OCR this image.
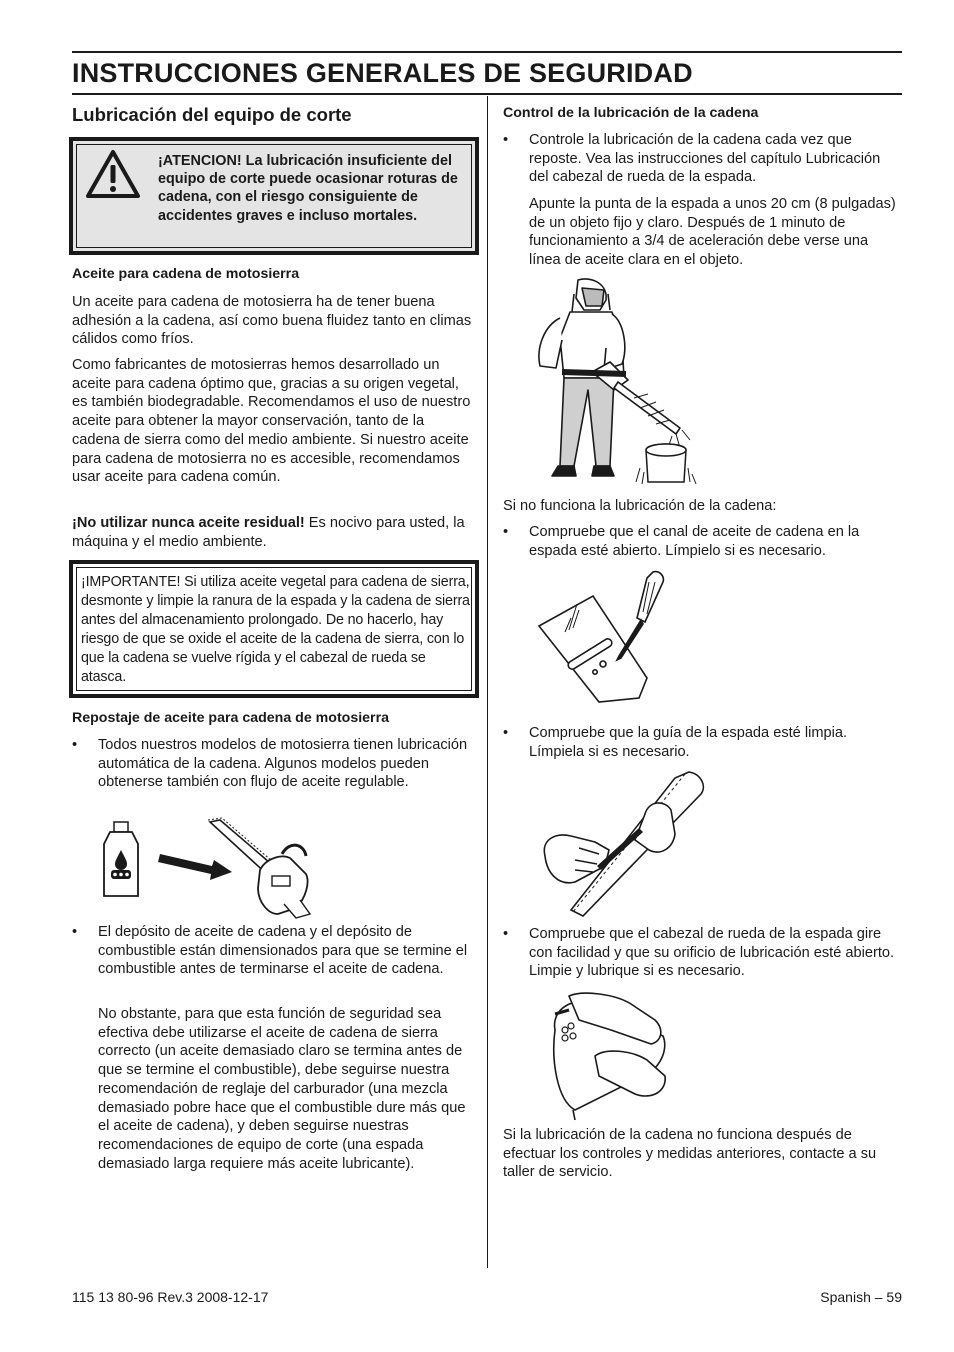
INSTRUCCIONES GENERALES DE SEGURIDAD
Lubricación del equipo de corte
¡ATENCION! La lubricación insuficiente del equipo de corte puede ocasionar roturas de cadena, con el riesgo consiguiente de accidentes graves e incluso mortales.
Aceite para cadena de motosierra

Un aceite para cadena de motosierra ha de tener buena adhesión a la cadena, así como buena fluidez tanto en climas cálidos como fríos.

Como fabricantes de motosierras hemos desarrollado un aceite para cadena óptimo que, gracias a su origen vegetal, es también biodegradable. Recomendamos el uso de nuestro aceite para obtener la mayor conservación, tanto de la cadena de sierra como del medio ambiente. Si nuestro aceite para cadena de motosierra no es accesible, recomendamos usar aceite para cadena común.

¡No utilizar nunca aceite residual! Es nocivo para usted, la máquina y el medio ambiente.

¡IMPORTANTE! Si utiliza aceite vegetal para cadena de sierra, desmonte y limpie la ranura de la espada y la cadena de sierra antes del almacenamiento prolongado. De no hacerlo, hay riesgo de que se oxide el aceite de la cadena de sierra, con lo que la cadena se vuelve rígida y el cabezal de rueda se atasca.
Repostaje de aceite para cadena de motosierra
• Todos nuestros modelos de motosierra tienen lubricación automática de la cadena. Algunos modelos pueden obtenerse también con flujo de aceite regulable.
• El depósito de aceite de cadena y el depósito de combustible están dimensionados para que se termine el combustible antes de terminarse el aceite de cadena.

No obstante, para que esta función de seguridad sea efectiva debe utilizarse el aceite de cadena de sierra correcto (un aceite demasiado claro se termina antes de que se termine el combustible), debe seguirse nuestra recomendación de reglaje del carburador (una mezcla demasiado pobre hace que el combustible dure más que el aceite de cadena), y deben seguirse nuestras recomendaciones de equipo de corte (una espada demasiado larga requiere más aceite lubricante).

Control de la lubricación de la cadena
• Controle la lubricación de la cadena cada vez que reposte. Vea las instrucciones del capítulo Lubricación del cabezal de rueda de la espada.

Apunte la punta de la espada a unos 20 cm (8 pulgadas) de un objeto fijo y claro. Después de 1 minuto de funcionamiento a 3/4 de aceleración debe verse una línea de aceite clara en el objeto.

Si no funciona la lubricación de la cadena:

• Compruebe que el canal de aceite de cadena en la espada esté abierto. Límpielo si es necesario.
• Compruebe que la guía de la espada esté limpia. Límpiela si es necesario.
• Compruebe que el cabezal de rueda de la espada gire con facilidad y que su orificio de lubricación esté abierto. Limpie y lubrique si es necesario.

Si la lubricación de la cadena no funciona después de efectuar los controles y medidas anteriores, contacte a su taller de servicio.

115 13 80-96 Rev.3 2008-12-17	Spanish – 59
